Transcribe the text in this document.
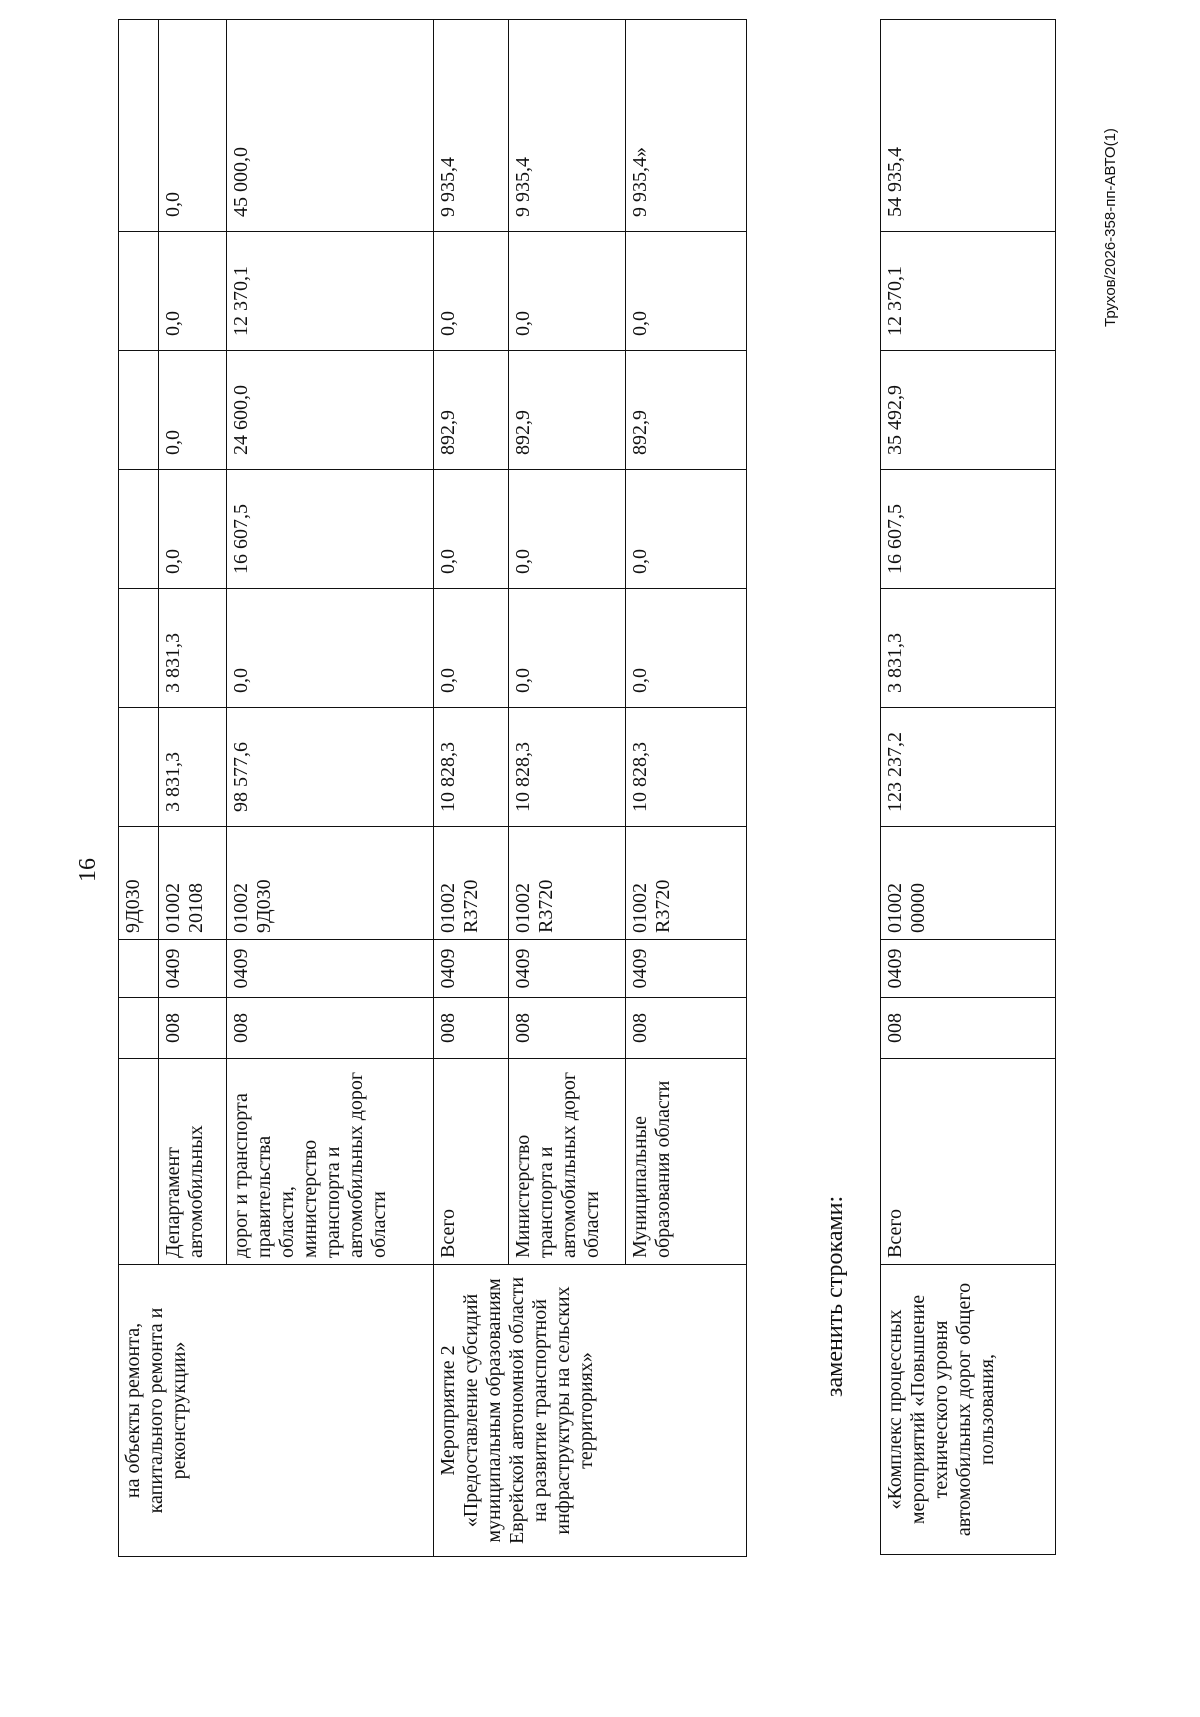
16
на объекты ремонта, капитального ремонта и реконструкции»				9Д030						
	Департамент автомобильных	008	0409	01002 20108	3 831,3	3 831,3	0,0	0,0	0,0	0,0
	дорог и транспорта правительства области, министерство транспорта и автомобильных дорог области	008	0409	01002 9Д030	98 577,6	0,0	16 607,5	24 600,0	12 370,1	45 000,0
Мероприятие 2 «Предоставление субсидий муниципальным образованиям Еврейской автономной области на развитие транспортной инфраструктуры на сельских территориях»	Всего	008	0409	01002 R3720	10 828,3	0,0	0,0	892,9	0,0	9 935,4
	Министерство транспорта и автомобильных дорог области	008	0409	01002 R3720	10 828,3	0,0	0,0	892,9	0,0	9 935,4
	Муниципальные образования области	008	0409	01002 R3720	10 828,3	0,0	0,0	892,9	0,0	9 935,4»
заменить строками:
«Комплекс процессных мероприятий «Повышение технического уровня автомобильных дорог общего пользования,	Всего	008	0409	01002 00000	123 237,2	3 831,3	16 607,5	35 492,9	12 370,1	54 935,4	Трухов/2026-358-пп-АВТО(1)
